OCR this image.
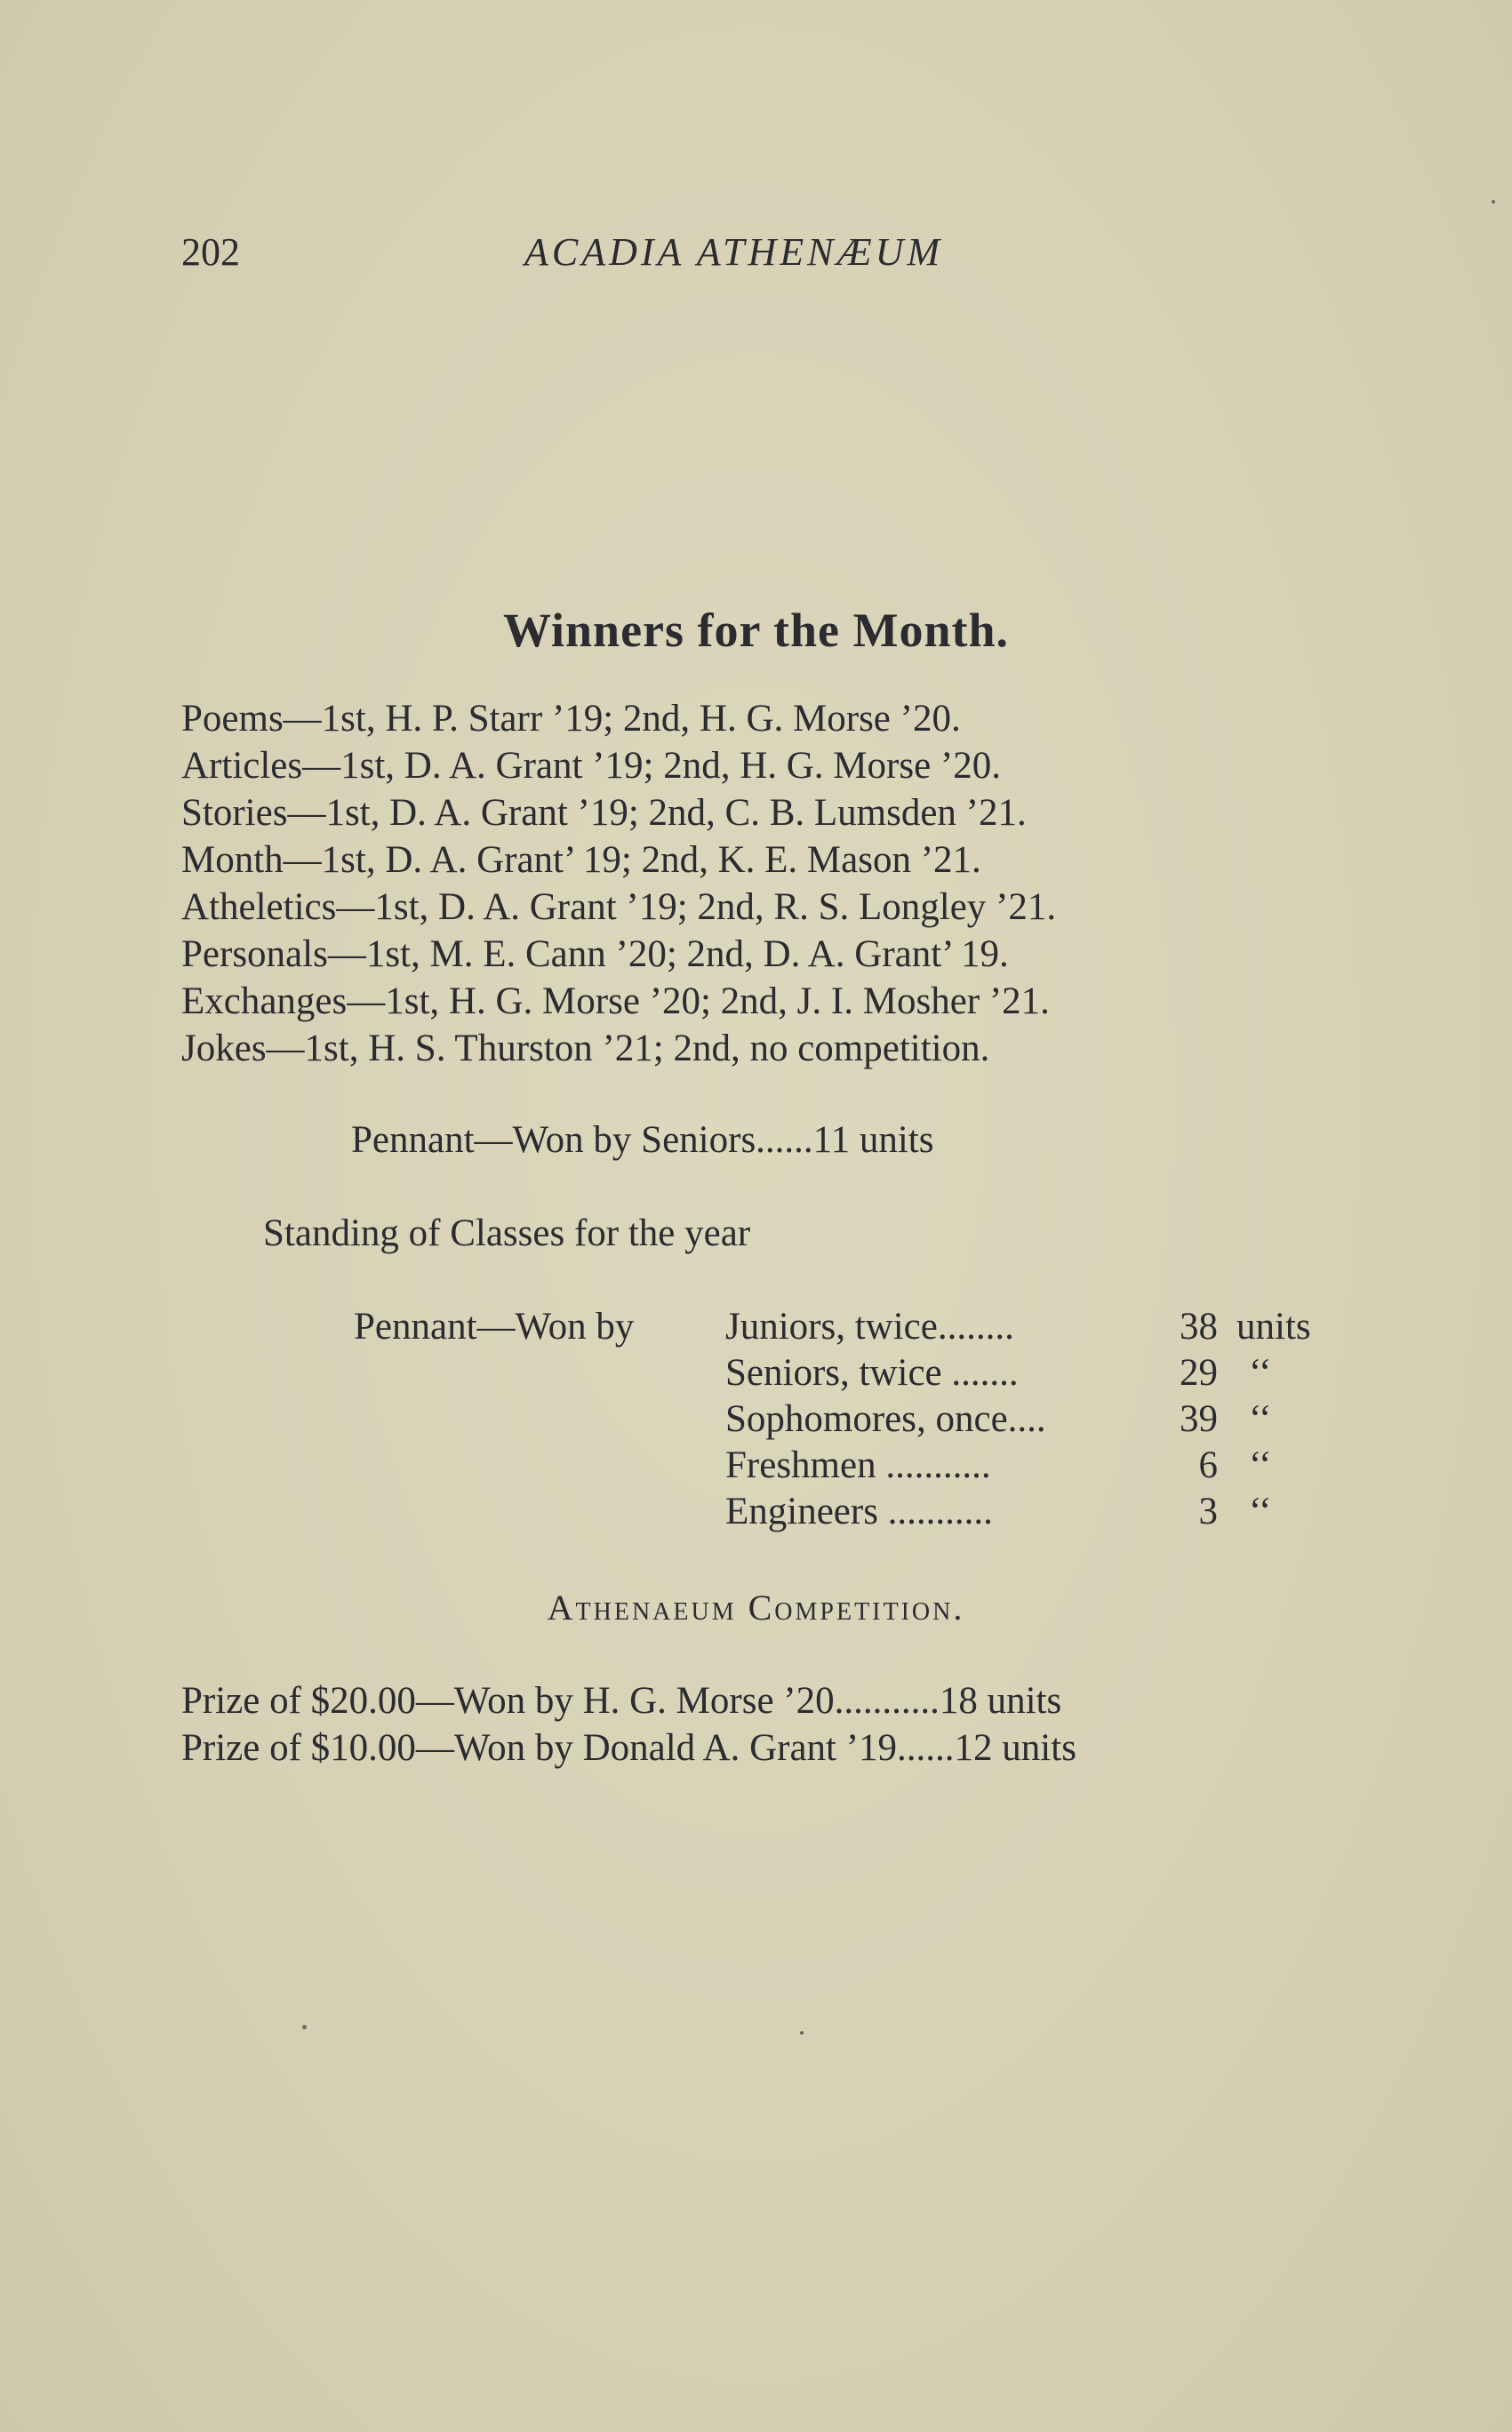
202	ACADIA ATHENÆUM
Winners for the Month.
Poems—1st, H. P. Starr ’19; 2nd, H. G. Morse ’20.
Articles—1st, D. A. Grant ’19; 2nd, H. G. Morse ’20.
Stories—1st, D. A. Grant ’19; 2nd, C. B. Lumsden ’21.
Month—1st, D. A. Grant’ 19; 2nd, K. E. Mason ’21.
Atheletics—1st, D. A. Grant ’19; 2nd, R. S. Longley ’21.
Personals—1st, M. E. Cann ’20; 2nd, D. A. Grant’ 19.
Exchanges—1st, H. G. Morse ’20; 2nd, J. I. Mosher ’21.
Jokes—1st, H. S. Thurston ’21; 2nd, no competition.
Pennant—Won by Seniors......11 units
Standing of Classes for the year
Pennant—Won by Juniors, twice........	38 units
Seniors, twice .......	29 ‘‘
Sophomores, once....	39 ‘‘
Freshmen ...........	6 ‘‘
Engineers ...........	3 ‘‘
Athenaeum Competition.
Prize of $20.00—Won by H. G. Morse ’20...........18 units
Prize of $10.00—Won by Donald A. Grant ’19......12 units
